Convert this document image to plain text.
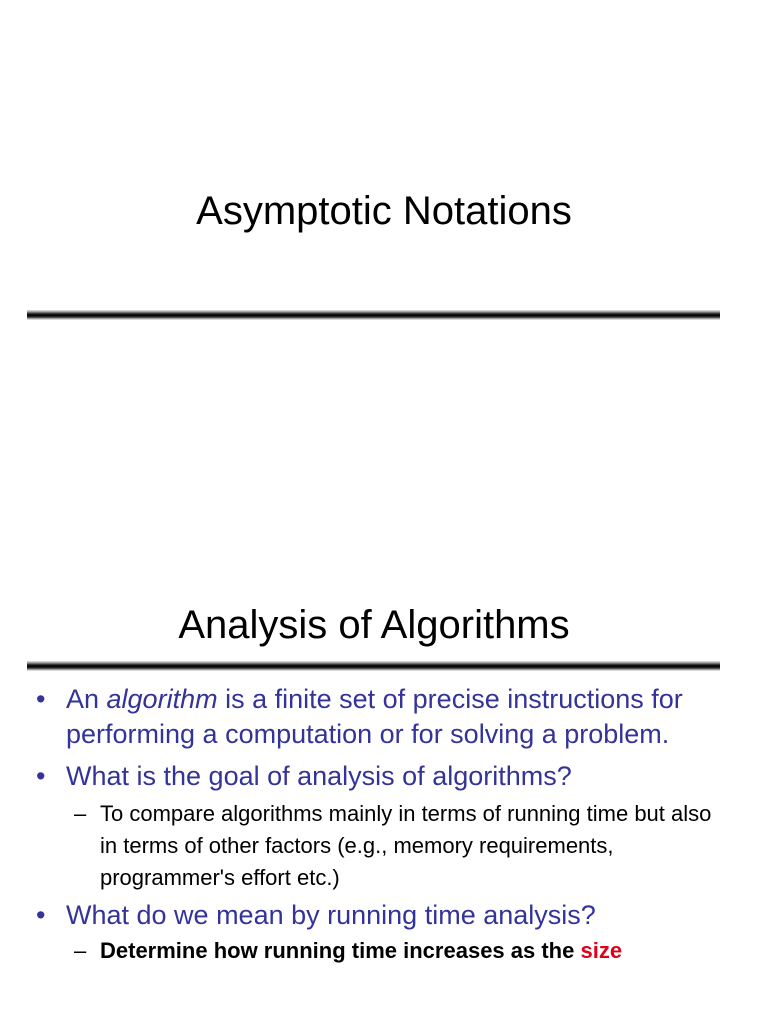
Asymptotic Notations
Analysis of Algorithms
• An algorithm is a finite set of precise instructions for performing a computation or for solving a problem.
• What is the goal of analysis of algorithms?
– To compare algorithms mainly in terms of running time but also in terms of other factors (e.g., memory requirements, programmer's effort etc.)
• What do we mean by running time analysis?
– Determine how running time increases as the size
